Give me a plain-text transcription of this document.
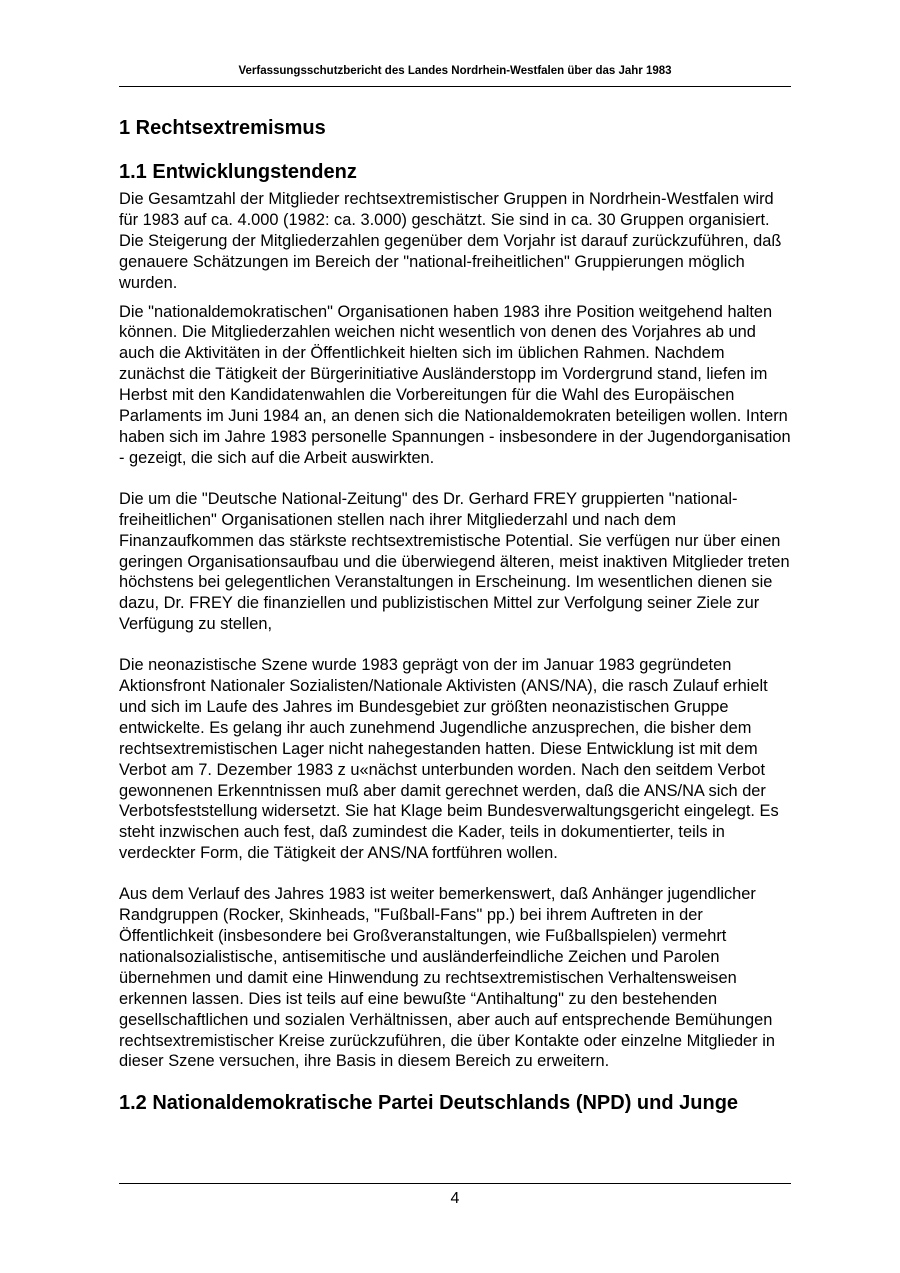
Verfassungsschutzbericht des Landes Nordrhein-Westfalen über das Jahr 1983
1 Rechtsextremismus
1.1 Entwicklungstendenz

Die Gesamtzahl der Mitglieder rechtsextremistischer Gruppen in Nordrhein-Westfalen wird für 1983 auf ca. 4.000 (1982: ca. 3.000) geschätzt. Sie sind in ca. 30 Gruppen organisiert. Die Steigerung der Mitgliederzahlen gegenüber dem Vorjahr ist darauf zurückzuführen, daß genauere Schätzungen im Bereich der "national-freiheitlichen" Gruppierungen möglich wurden.

Die "nationaldemokratischen" Organisationen haben 1983 ihre Position weitgehend halten können. Die Mitgliederzahlen weichen nicht wesentlich von denen des Vorjahres ab und auch die Aktivitäten in der Öffentlichkeit hielten sich im üblichen Rahmen. Nachdem zunächst die Tätigkeit der Bürgerinitiative Ausländerstopp im Vordergrund stand, liefen im Herbst mit den Kandidatenwahlen die Vorbereitungen für die Wahl des Europäischen Parlaments im Juni 1984 an, an denen sich die Nationaldemokraten beteiligen wollen. Intern haben sich im Jahre 1983 personelle Spannungen - insbesondere in der Jugendorganisation - gezeigt, die sich auf die Arbeit auswirkten.

Die um die "Deutsche National-Zeitung" des Dr. Gerhard FREY gruppierten "national-freiheitlichen" Organisationen stellen nach ihrer Mitgliederzahl und nach dem Finanzaufkommen das stärkste rechtsextremistische Potential. Sie verfügen nur über einen geringen Organisationsaufbau und die überwiegend älteren, meist inaktiven Mitglieder treten höchstens bei gelegentlichen Veranstaltungen in Erscheinung. Im wesentlichen dienen sie dazu, Dr. FREY die finanziellen und publizistischen Mittel zur Verfolgung seiner Ziele zur Verfügung zu stellen,

Die neonazistische Szene wurde 1983 geprägt von der im Januar 1983 gegründeten Aktionsfront Nationaler Sozialisten/Nationale Aktivisten (ANS/NA), die rasch Zulauf erhielt und sich im Laufe des Jahres im Bundesgebiet zur größten neonazistischen Gruppe entwickelte. Es gelang ihr auch zunehmend Jugendliche anzusprechen, die bisher dem rechtsextremistischen Lager nicht nahegestanden hatten. Diese Entwicklung ist mit dem Verbot am 7. Dezember 1983 z u«nächst unterbunden worden. Nach den seitdem Verbot gewonnenen Erkenntnissen muß aber damit gerechnet werden, daß die ANS/NA sich der Verbotsfeststellung widersetzt. Sie hat Klage beim Bundesverwaltungsgericht eingelegt. Es steht inzwischen auch fest, daß zumindest die Kader, teils in dokumentierter, teils in verdeckter Form, die Tätigkeit der ANS/NA fortführen wollen.

Aus dem Verlauf des Jahres 1983 ist weiter bemerkenswert, daß Anhänger jugendlicher Randgruppen (Rocker, Skinheads, "Fußball-Fans" pp.) bei ihrem Auftreten in der Öffentlichkeit (insbesondere bei Großveranstaltungen, wie Fußballspielen) vermehrt nationalsozialistische, antisemitische und ausländerfeindliche Zeichen und Parolen übernehmen und damit eine Hinwendung zu rechtsextremistischen Verhaltensweisen erkennen lassen. Dies ist teils auf eine bewußte “Antihaltung" zu den bestehenden gesellschaftlichen und sozialen Verhältnissen, aber auch auf entsprechende Bemühungen rechtsextremistischer Kreise zurückzuführen, die über Kontakte oder einzelne Mitglieder in dieser Szene versuchen, ihre Basis in diesem Bereich zu erweitern.

1.2 Nationaldemokratische Partei Deutschlands (NPD) und Junge
4
